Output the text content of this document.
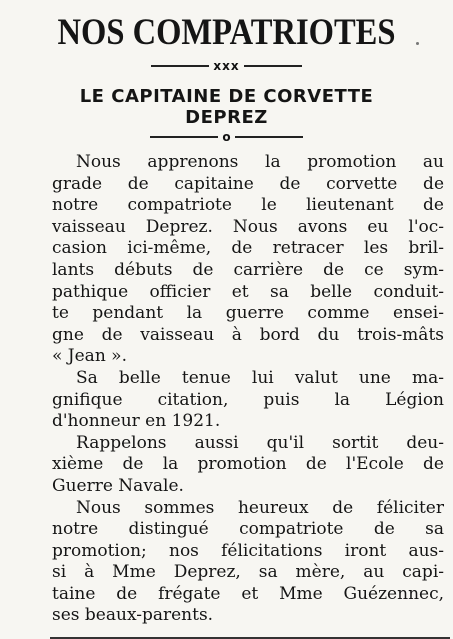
NOS COMPATRIOTES
xxx
LE CAPITAINE DE CORVETTE
DEPREZ
o
Nous apprenons la promotion au
grade de capitaine de corvette de
notre compatriote le lieutenant de
vaisseau Deprez. Nous avons eu l'oc-
casion ici-même, de retracer les bril-
lants débuts de carrière de ce sym-
pathique officier et sa belle conduit-
te pendant la guerre comme ensei-
gne de vaisseau à bord du trois-mâts
« Jean ».
Sa belle tenue lui valut une ma-
gnifique citation, puis la Légion
d'honneur en 1921.
Rappelons aussi qu'il sortit deu-
xième de la promotion de l'Ecole de
Guerre Navale.
Nous sommes heureux de féliciter
notre distingué compatriote de sa
promotion; nos félicitations iront aus-
si à Mme Deprez, sa mère, au capi-
taine de frégate et Mme Guézennec,
ses beaux-parents.
